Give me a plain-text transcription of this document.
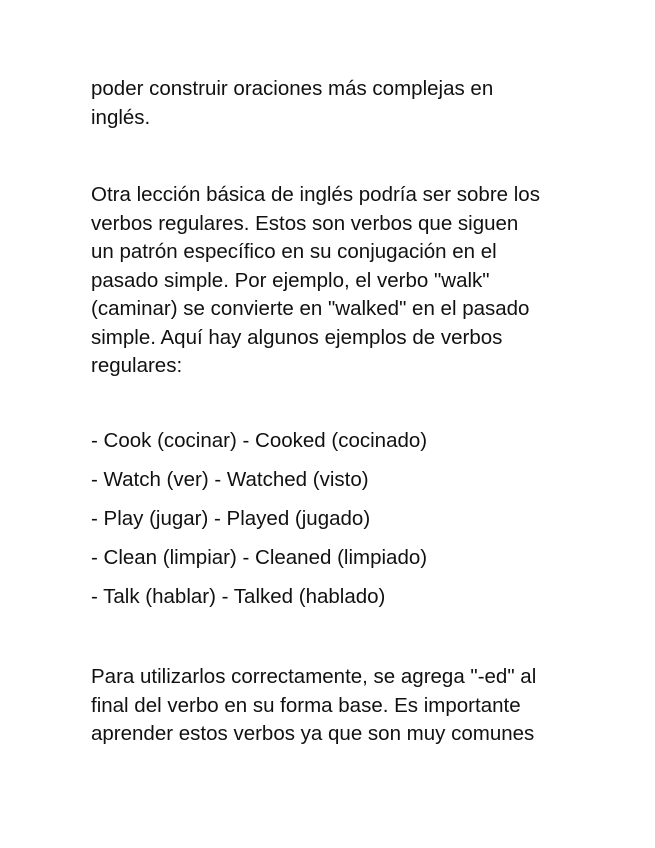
poder construir oraciones más complejas en
inglés.
Otra lección básica de inglés podría ser sobre los
verbos regulares. Estos son verbos que siguen
un patrón específico en su conjugación en el
pasado simple. Por ejemplo, el verbo "walk"
(caminar) se convierte en "walked" en el pasado
simple. Aquí hay algunos ejemplos de verbos
regulares:
- Cook (cocinar) - Cooked (cocinado)
- Watch (ver) - Watched (visto)
- Play (jugar) - Played (jugado)
- Clean (limpiar) - Cleaned (limpiado)
- Talk (hablar) - Talked (hablado)
Para utilizarlos correctamente, se agrega "-ed" al
final del verbo en su forma base. Es importante
aprender estos verbos ya que son muy comunes
